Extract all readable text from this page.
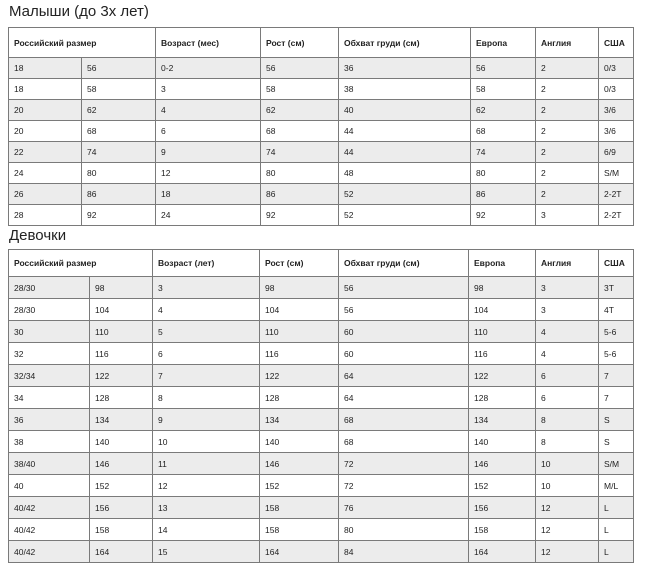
Малыши (до 3х лет)
Российский размер		Возраст (мес)	Рост (см)	Обхват груди (см)	Европа	Англия	США
18	56	0-2	56	36	56	2	0/3
18	58	3	58	38	58	2	0/3
20	62	4	62	40	62	2	3/6
20	68	6	68	44	68	2	3/6
22	74	9	74	44	74	2	6/9
24	80	12	80	48	80	2	S/M
26	86	18	86	52	86	2	2-2T
28	92	24	92	52	92	3	2-2T
Девочки
Российский размер		Возраст (лет)	Рост (см)	Обхват груди (см)	Европа	Англия	США
28/30	98	3	98	56	98	3	3T
28/30	104	4	104	56	104	3	4T
30	110	5	110	60	110	4	5-6
32	116	6	116	60	116	4	5-6
32/34	122	7	122	64	122	6	7
34	128	8	128	64	128	6	7
36	134	9	134	68	134	8	S
38	140	10	140	68	140	8	S
38/40	146	11	146	72	146	10	S/M
40	152	12	152	72	152	10	M/L
40/42	156	13	158	76	156	12	L
40/42	158	14	158	80	158	12	L
40/42	164	15	164	84	164	12	L
